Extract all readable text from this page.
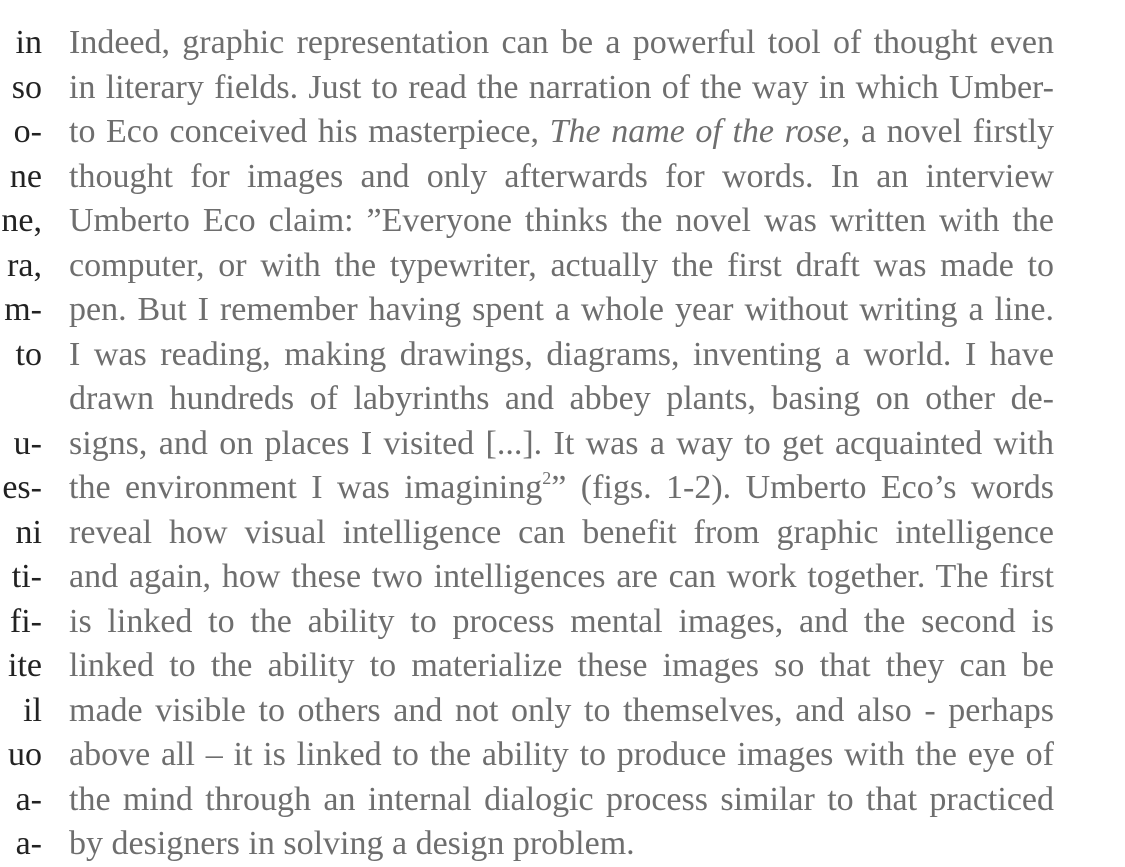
in
so
o-
ne
ne,
ra,
m-
to
u-
es-
ni
ti-
fi-
ite
il
uo
a-
a-
Indeed, graphic representation can be a powerful tool of thought even
in literary fields. Just to read the narration of the way in which Umber-
to Eco conceived his masterpiece, The name of the rose, a novel firstly
thought for images and only afterwards for words. In an interview
Umberto Eco claim: ”Everyone thinks the novel was written with the
computer, or with the typewriter, actually the first draft was made to
pen. But I remember having spent a whole year without writing a line.
I was reading, making drawings, diagrams, inventing a world. I have
drawn hundreds of labyrinths and abbey plants, basing on other de-
signs, and on places I visited [...]. It was a way to get acquainted with
the environment I was imagining$^2$” (figs. 1-2). Umberto Eco’s words
reveal how visual intelligence can benefit from graphic intelligence
and again, how these two intelligences are can work together. The first
is linked to the ability to process mental images, and the second is
linked to the ability to materialize these images so that they can be
made visible to others and not only to themselves, and also - perhaps
above all – it is linked to the ability to produce images with the eye of
the mind through an internal dialogic process similar to that practiced
by designers in solving a design problem.
